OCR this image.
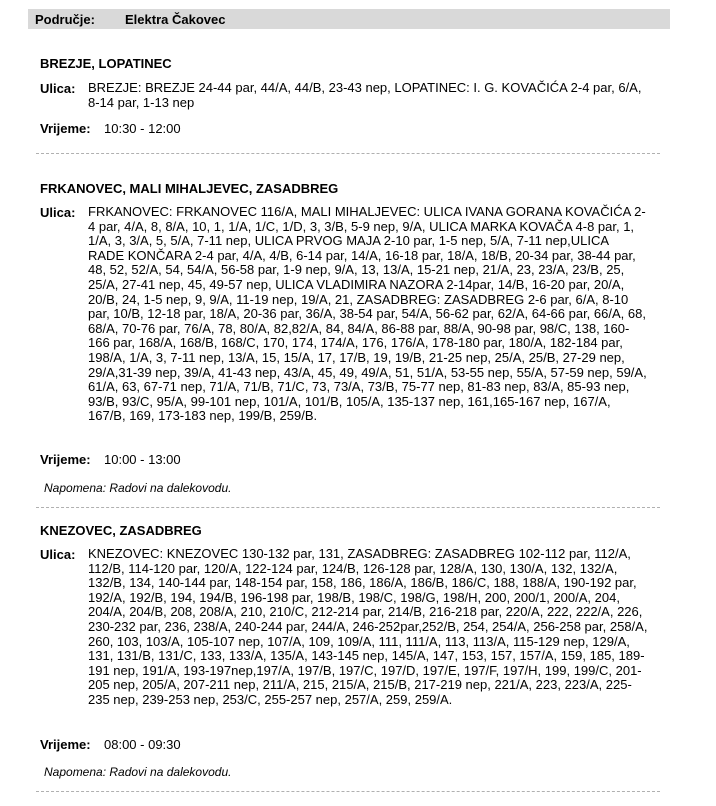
Područje: Elektra Čakovec
BREZJE, LOPATINEC
Ulica: BREZJE: BREZJE 24-44 par, 44/A, 44/B, 23-43 nep, LOPATINEC: I. G. KOVAČIĆA 2-4 par, 6/A, 8-14 par, 1-13 nep
Vrijeme: 10:30 - 12:00
FRKANOVEC, MALI MIHALJEVEC, ZASADBREG
Ulica: FRKANOVEC: FRKANOVEC 116/A, MALI MIHALJEVEC: ULICA IVANA GORANA KOVAČIĆA 2-4 par, 4/A, 8, 8/A, 10, 1, 1/A, 1/C, 1/D, 3, 3/B, 5-9 nep, 9/A, ULICA MARKA KOVAČA 4-8 par, 1, 1/A, 3, 3/A, 5, 5/A, 7-11 nep, ULICA PRVOG MAJA 2-10 par, 1-5 nep, 5/A, 7-11 nep,ULICA RADE KONČARA 2-4 par, 4/A, 4/B, 6-14 par, 14/A, 16-18 par, 18/A, 18/B, 20-34 par, 38-44 par, 48, 52, 52/A, 54, 54/A, 56-58 par, 1-9 nep, 9/A, 13, 13/A, 15-21 nep, 21/A, 23, 23/A, 23/B, 25, 25/A, 27-41 nep, 45, 49-57 nep, ULICA VLADIMIRA NAZORA 2-14par, 14/B, 16-20 par, 20/A, 20/B, 24, 1-5 nep, 9, 9/A, 11-19 nep, 19/A, 21, ZASADBREG: ZASADBREG 2-6 par, 6/A, 8-10 par, 10/B, 12-18 par, 18/A, 20-36 par, 36/A, 38-54 par, 54/A, 56-62 par, 62/A, 64-66 par, 66/A, 68, 68/A, 70-76 par, 76/A, 78, 80/A, 82,82/A, 84, 84/A, 86-88 par, 88/A, 90-98 par, 98/C, 138, 160-166 par, 168/A, 168/B, 168/C, 170, 174, 174/A, 176, 176/A, 178-180 par, 180/A, 182-184 par, 198/A, 1/A, 3, 7-11 nep, 13/A, 15, 15/A, 17, 17/B, 19, 19/B, 21-25 nep, 25/A, 25/B, 27-29 nep, 29/A,31-39 nep, 39/A, 41-43 nep, 43/A, 45, 49, 49/A, 51, 51/A, 53-55 nep, 55/A, 57-59 nep, 59/A, 61/A, 63, 67-71 nep, 71/A, 71/B, 71/C, 73, 73/A, 73/B, 75-77 nep, 81-83 nep, 83/A, 85-93 nep, 93/B, 93/C, 95/A, 99-101 nep, 101/A, 101/B, 105/A, 135-137 nep, 161,165-167 nep, 167/A, 167/B, 169, 173-183 nep, 199/B, 259/B.
Vrijeme: 10:00 - 13:00
Napomena: Radovi na dalekovodu.
KNEZOVEC, ZASADBREG
Ulica: KNEZOVEC: KNEZOVEC 130-132 par, 131, ZASADBREG: ZASADBREG 102-112 par, 112/A, 112/B, 114-120 par, 120/A, 122-124 par, 124/B, 126-128 par, 128/A, 130, 130/A, 132, 132/A, 132/B, 134, 140-144 par, 148-154 par, 158, 186, 186/A, 186/B, 186/C, 188, 188/A, 190-192 par, 192/A, 192/B, 194, 194/B, 196-198 par, 198/B, 198/C, 198/G, 198/H, 200, 200/1, 200/A, 204, 204/A, 204/B, 208, 208/A, 210, 210/C, 212-214 par, 214/B, 216-218 par, 220/A, 222, 222/A, 226, 230-232 par, 236, 238/A, 240-244 par, 244/A, 246-252par,252/B, 254, 254/A, 256-258 par, 258/A, 260, 103, 103/A, 105-107 nep, 107/A, 109, 109/A, 111, 111/A, 113, 113/A, 115-129 nep, 129/A, 131, 131/B, 131/C, 133, 133/A, 135/A, 143-145 nep, 145/A, 147, 153, 157, 157/A, 159, 185, 189-191 nep, 191/A, 193-197nep,197/A, 197/B, 197/C, 197/D, 197/E, 197/F, 197/H, 199, 199/C, 201-205 nep, 205/A, 207-211 nep, 211/A, 215, 215/A, 215/B, 217-219 nep, 221/A, 223, 223/A, 225-235 nep, 239-253 nep, 253/C, 255-257 nep, 257/A, 259, 259/A.
Vrijeme: 08:00 - 09:30
Napomena: Radovi na dalekovodu.
